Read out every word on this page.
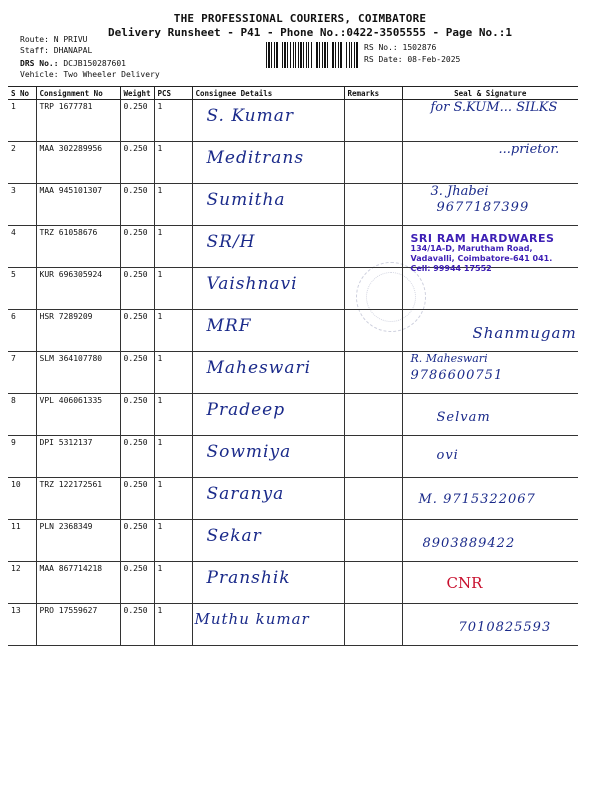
THE PROFESSIONAL COURIERS, COIMBATORE
Delivery Runsheet - P41 - Phone No.:0422-3505555 - Page No.:1
Route: N PRIVU
Staff: DHANAPAL
DRS No.: DCJB150287601
Vehicle: Two Wheeler Delivery
RS No.: 1502876
RS Date: 08-Feb-2025
S No	Consignment No	Weight	PCS	Consignee Details	Remarks	Seal & Signature
1	TRP 1677781	0.250	1	S. Kumar		for S.KUM... SILKS

2	MAA 302289956	0.250	1	Meditrans		...prietor.

3	MAA 945101307	0.250	1	Sumitha		3. Jhabei
9677187399

4	TRZ 61058676	0.250	1	SR/H		SRI RAM HARDWARES
134/1A-D, Marutham Road,
Vadavalli, Coimbatore-641 041.
Cell: 99944 17552

5	KUR 696305924	0.250	1	Vaishnavi		

6	HSR 7289209	0.250	1	MRF		Shanmugam

7	SLM 364107780	0.250	1	Maheswari		R. Maheswari
9786600751

8	VPL 406061335	0.250	1	Pradeep		Selvam

9	DPI 5312137	0.250	1	Sowmiya		ovi

10	TRZ 122172561	0.250	1	Saranya		M. 9715322067

11	PLN 2368349	0.250	1	Sekar		8903889422

12	MAA 867714218	0.250	1	Pranshik		CNR

13	PRO 17559627	0.250	1	Muthu kumar		7010825593
